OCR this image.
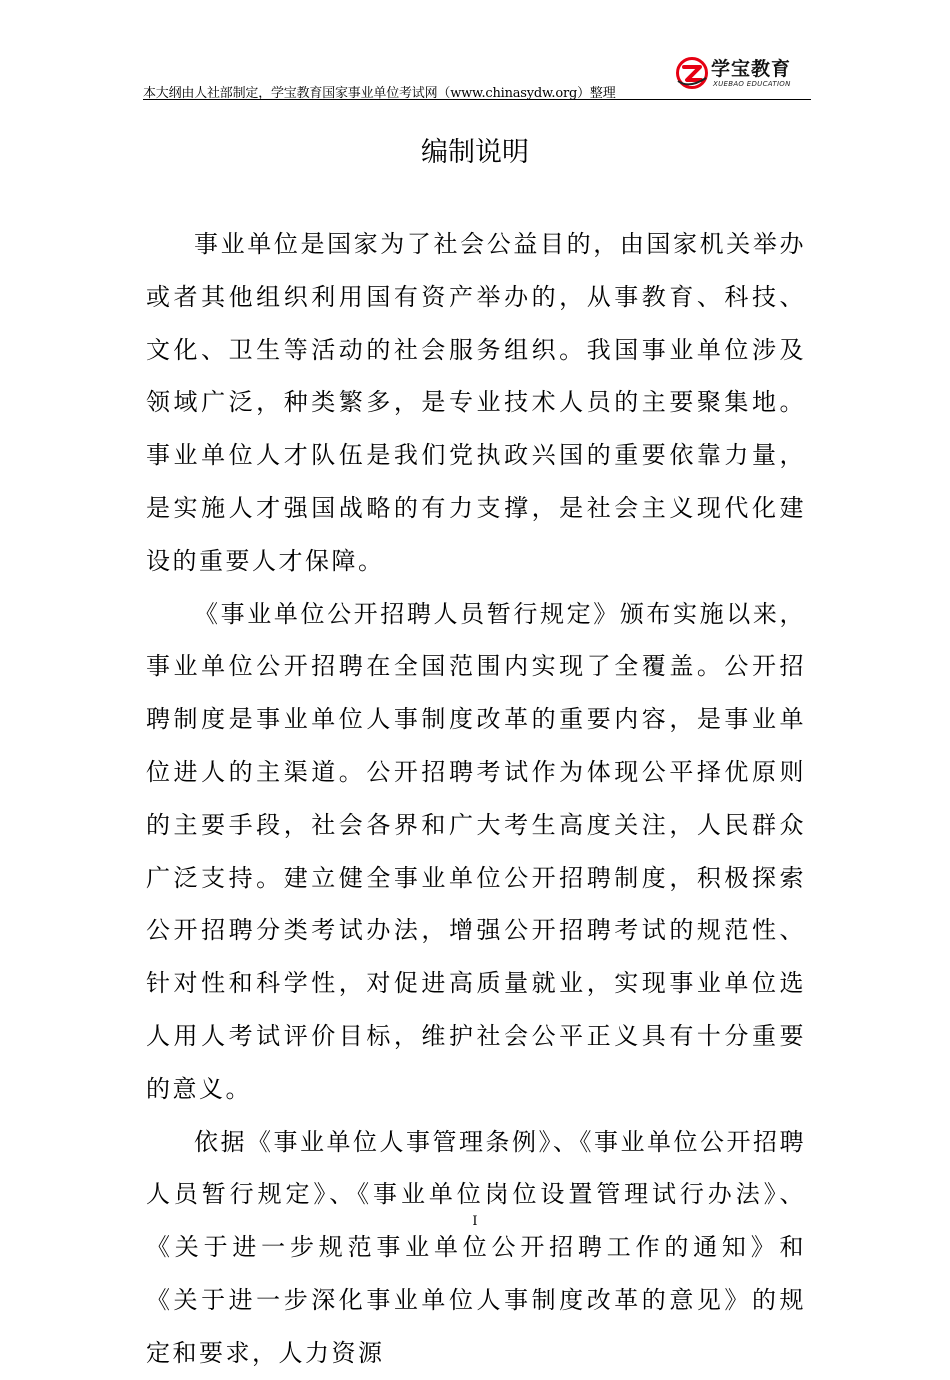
本大纲由人社部制定，学宝教育国家事业单位考试网（www.chinasydw.org）整理
学宝教育
XUEBAO EDUCATION
编制说明

事业单位是国家为了社会公益目的，由国家机关举办或者其他组织利用国有资产举办的，从事教育、科技、文化、卫生等活动的社会服务组织。我国事业单位涉及领域广泛，种类繁多，是专业技术人员的主要聚集地。事业单位人才队伍是我们党执政兴国的重要依靠力量，是实施人才强国战略的有力支撑，是社会主义现代化建设的重要人才保障。

《事业单位公开招聘人员暂行规定》颁布实施以来，事业单位公开招聘在全国范围内实现了全覆盖。公开招聘制度是事业单位人事制度改革的重要内容，是事业单位进人的主渠道。公开招聘考试作为体现公平择优原则的主要手段，社会各界和广大考生高度关注，人民群众广泛支持。建立健全事业单位公开招聘制度，积极探索公开招聘分类考试办法，增强公开招聘考试的规范性、针对性和科学性，对促进高质量就业，实现事业单位选人用人考试评价目标，维护社会公平正义具有十分重要的意义。

依据《事业单位人事管理条例》、《事业单位公开招聘人员暂行规定》、《事业单位岗位设置管理试行办法》、《关于进一步规范事业单位公开招聘工作的通知》和《关于进一步深化事业单位人事制度改革的意见》的规定和要求，人力资源

I
